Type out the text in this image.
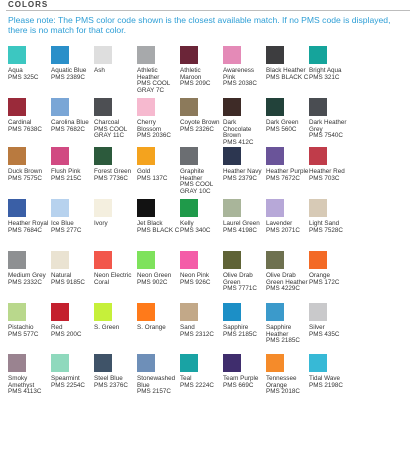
COLORS
Please note: The PMS color code shown is the closest available match. If no PMS code is displayed, there is no match for that color.
Aqua
PMS 325C
Aquatic Blue
PMS 2389C
Ash	Athletic
Heather
PMS COOL
GRAY 7C
Athletic
Maroon
PMS 209C
Awareness
Pink
PMS 2038C
Black Heather
PMS BLACK C
Bright Aqua
PMS 321C
Cardinal
PMS 7638C
Carolina Blue
PMS 7682C
Charcoal
PMS COOL
GRAY 11C
Cherry
Blossom
PMS 2036C
Coyote Brown
PMS 2326C
Dark
Chocolate
Brown
PMS 412C
Dark Green
PMS 560C
Dark Heather
Grey
PMS 7540C
Duck Brown
PMS 7575C
Flush Pink
PMS 215C
Forest Green
PMS 7736C
Gold
PMS 137C
Graphite
Heather
PMS COOL
GRAY 10C
Heather Navy
PMS 2379C
Heather Purple
PMS 7672C
Heather Red
PMS 703C
Heather Royal
PMS 7684C
Ice Blue
PMS 277C
Ivory	Jet Black
PMS BLACK C
Kelly
PMS 340C
Laurel Green
PMS 4198C
Lavender
PMS 2071C
Light Sand
PMS 7528C
Medium Grey
PMS 2332C
Natural
PMS 9185C
Neon Electric
Coral
Neon Green
PMS 902C
Neon Pink
PMS 926C
Olive Drab
Green
PMS 7771C
Olive Drab
Green Heather
PMS 4229C
Orange
PMS 172C
Pistachio
PMS 577C
Red
PMS 200C
S. Green	S. Orange	Sand
PMS 2312C
Sapphire
PMS 2185C
Sapphire
Heather
PMS 2185C
Silver
PMS 435C
Smoky
Amethyst
PMS 4113C
Spearmint
PMS 2254C
Steel Blue
PMS 2376C
Stonewashed
Blue
PMS 2157C
Teal
PMS 2224C
Team Purple
PMS 669C
Tennessee
Orange
PMS 2018C
Tidal Wave
PMS 2198C
